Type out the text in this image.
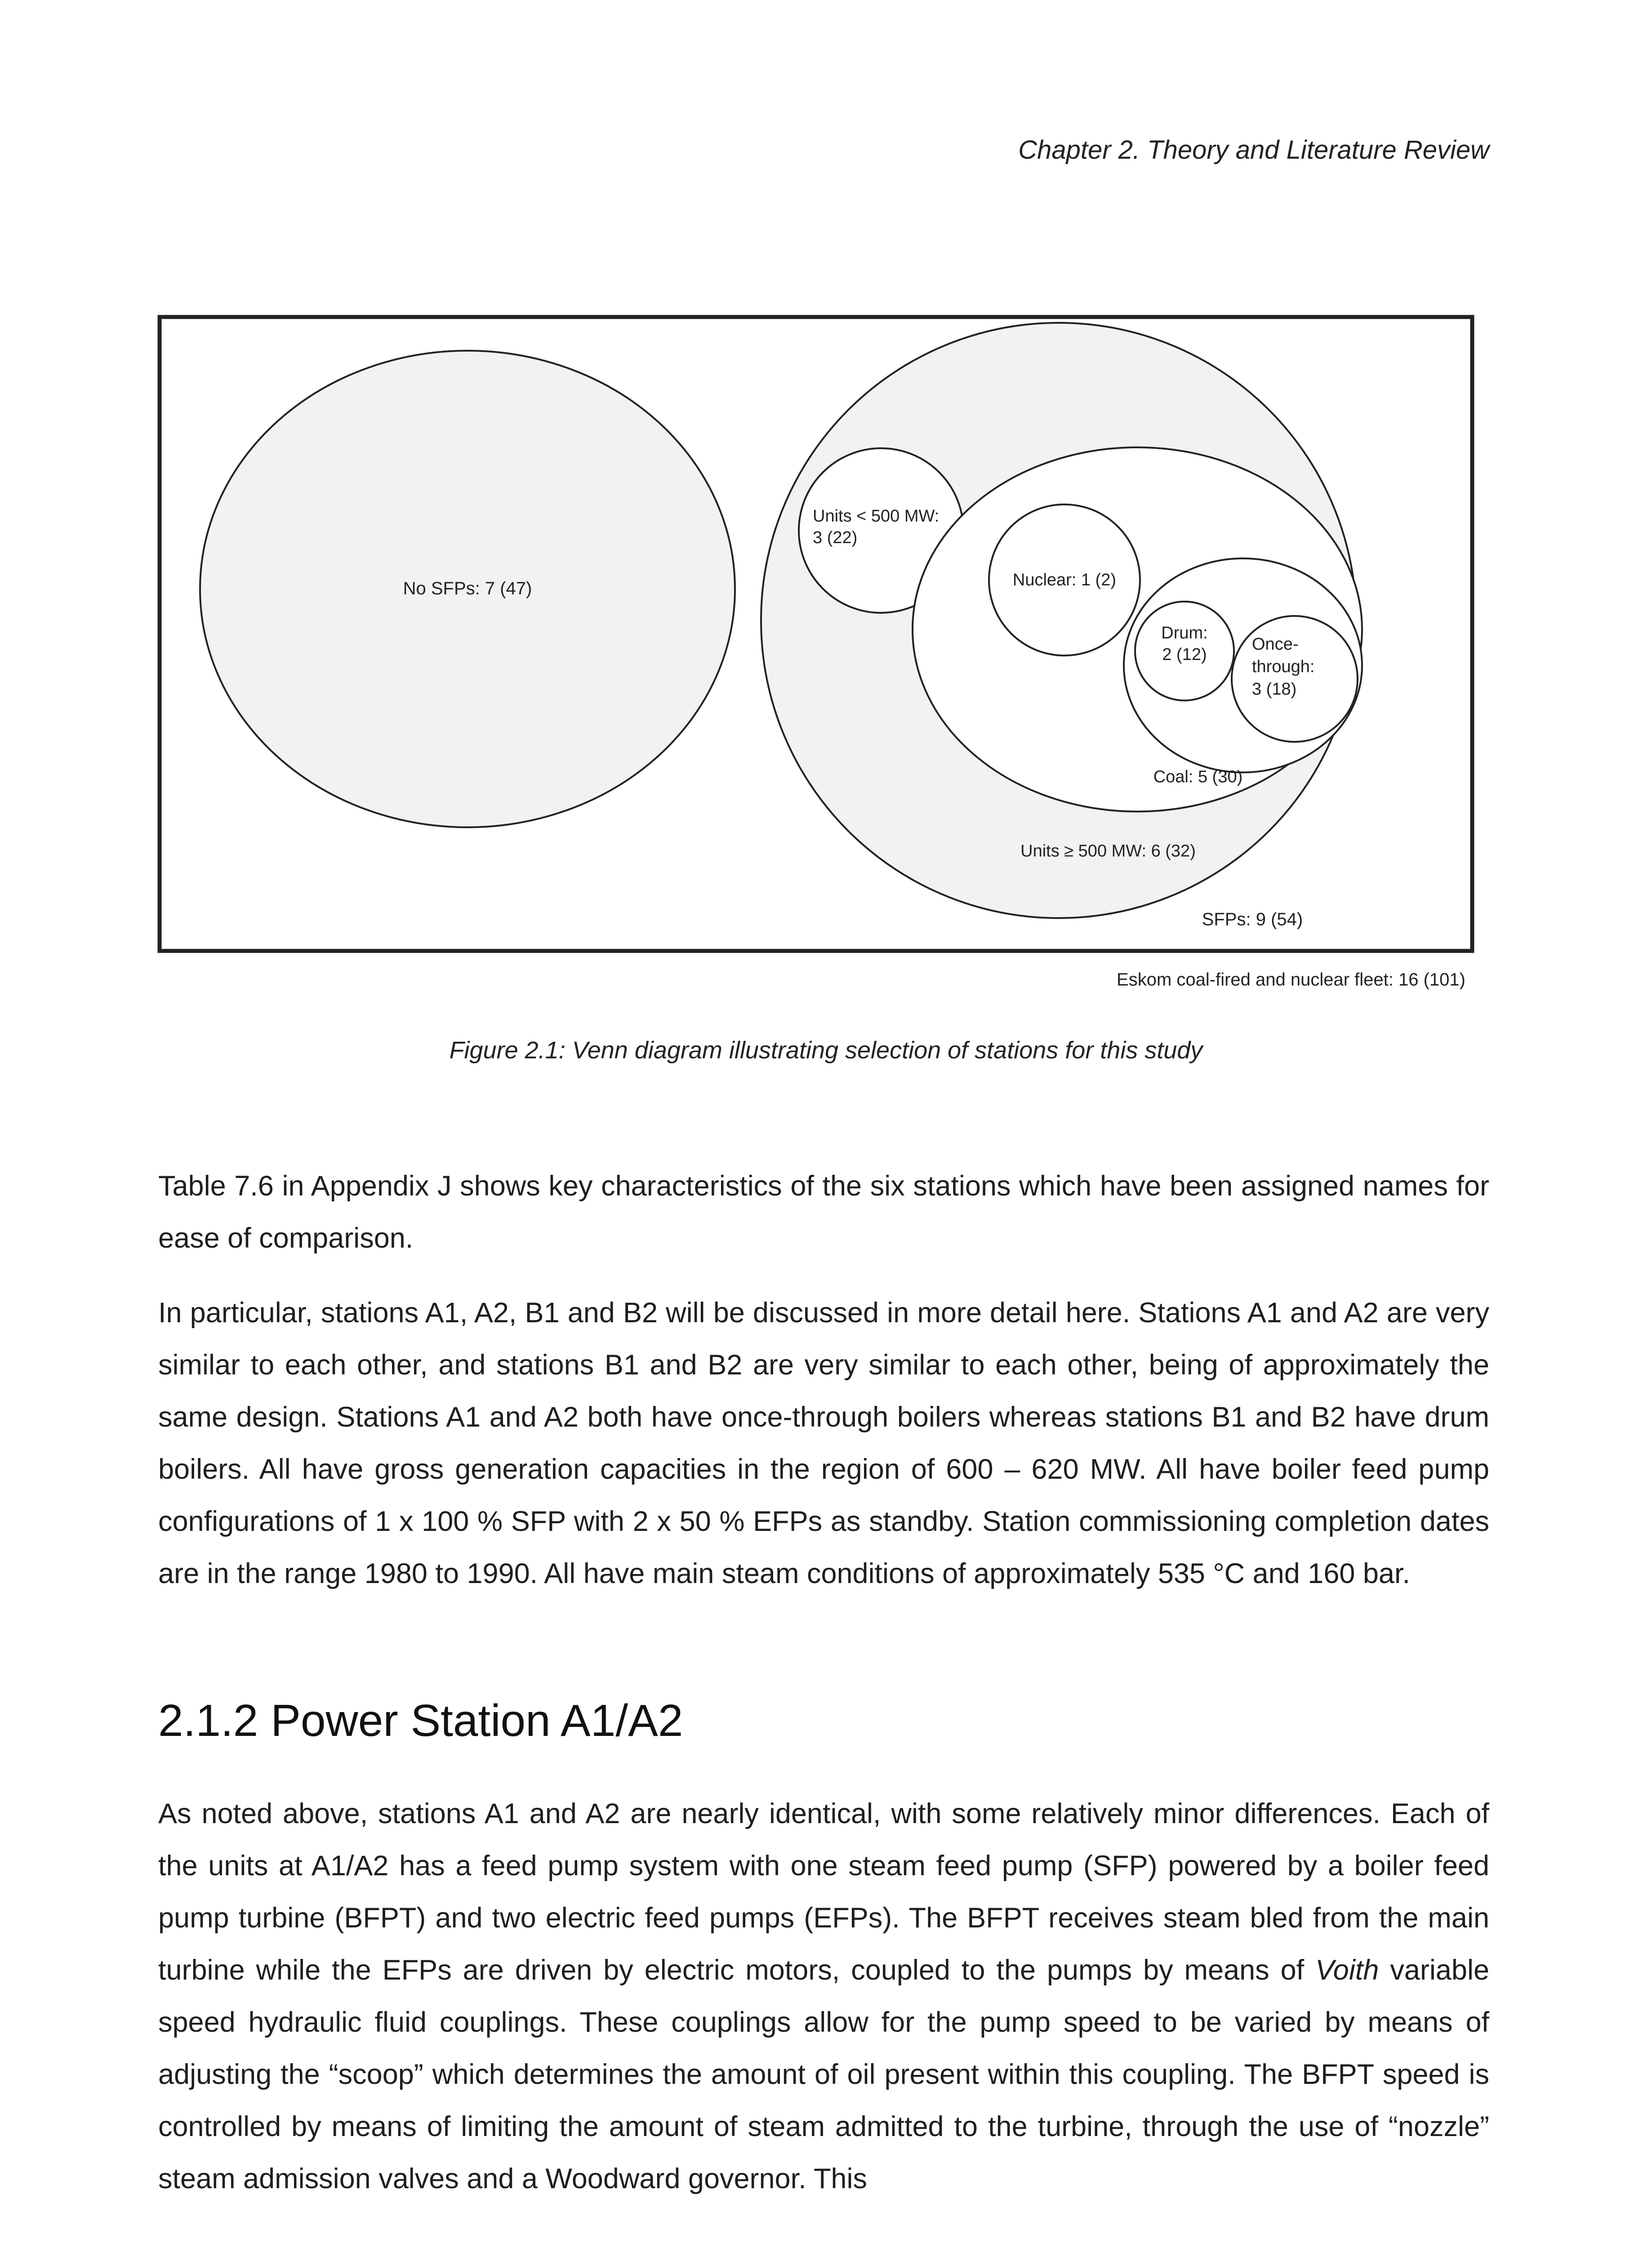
Chapter 2. Theory and Literature Review
No SFPs: 7 (47)
Units < 500 MW:
3 (22)
Nuclear: 1 (2)
Drum:
2 (12)
Once-
through:
3 (18)
Coal: 5 (30)
Units ≥ 500 MW: 6 (32)
SFPs: 9 (54)
Eskom coal-fired and nuclear fleet: 16 (101)
Figure 2.1: Venn diagram illustrating selection of stations for this study

Table 7.6 in Appendix J shows key characteristics of the six stations which have been assigned names for ease of comparison.

In particular, stations A1, A2, B1 and B2 will be discussed in more detail here. Stations A1 and A2 are very similar to each other, and stations B1 and B2 are very similar to each other, being of approximately the same design. Stations A1 and A2 both have once-through boilers whereas stations B1 and B2 have drum boilers. All have gross generation capacities in the region of 600 – 620 MW. All have boiler feed pump configurations of 1 x 100 % SFP with 2 x 50 % EFPs as standby. Station commissioning completion dates are in the range 1980 to 1990. All have main steam conditions of approximately 535 °C and 160 bar.

2.1.2 Power Station A1/A2

As noted above, stations A1 and A2 are nearly identical, with some relatively minor differences. Each of the units at A1/A2 has a feed pump system with one steam feed pump (SFP) powered by a boiler feed pump turbine (BFPT) and two electric feed pumps (EFPs). The BFPT receives steam bled from the main turbine while the EFPs are driven by electric motors, coupled to the pumps by means of Voith variable speed hydraulic fluid couplings. These couplings allow for the pump speed to be varied by means of adjusting the “scoop” which determines the amount of oil present within this coupling. The BFPT speed is controlled by means of limiting the amount of steam admitted to the turbine, through the use of “nozzle” steam admission valves and a Woodward governor. This
